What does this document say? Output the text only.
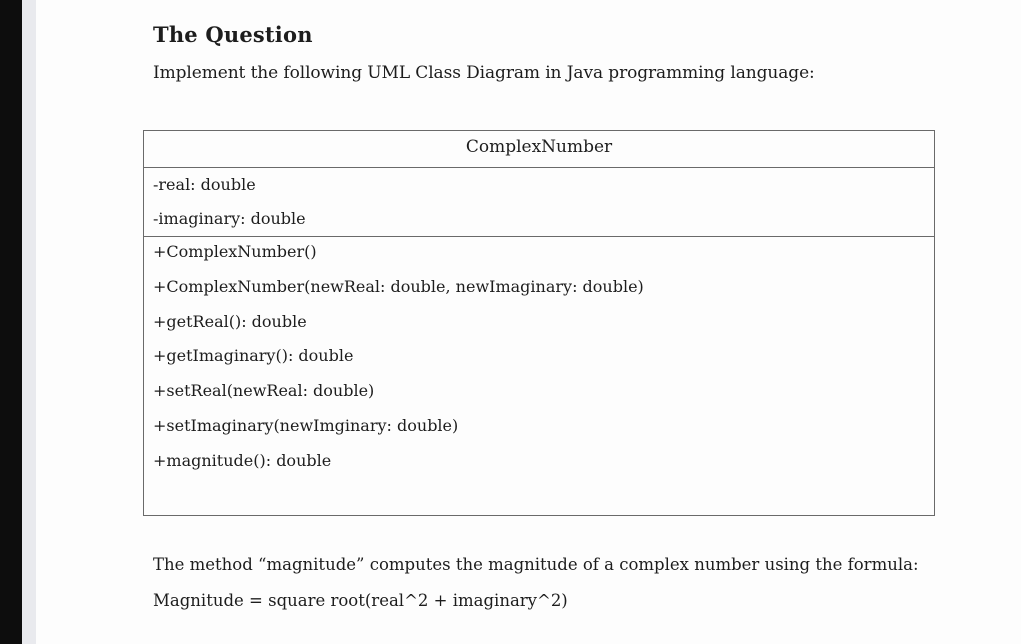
The Question
Implement the following UML Class Diagram in Java programming language:
ComplexNumber
-real: double
-imaginary: double
+ComplexNumber()
+ComplexNumber(newReal: double, newImaginary: double)
+getReal(): double
+getImaginary(): double
+setReal(newReal: double)
+setImaginary(newImginary: double)
+magnitude(): double
The method “magnitude” computes the magnitude of a complex number using the formula:
Magnitude = square root(real^2 + imaginary^2)
